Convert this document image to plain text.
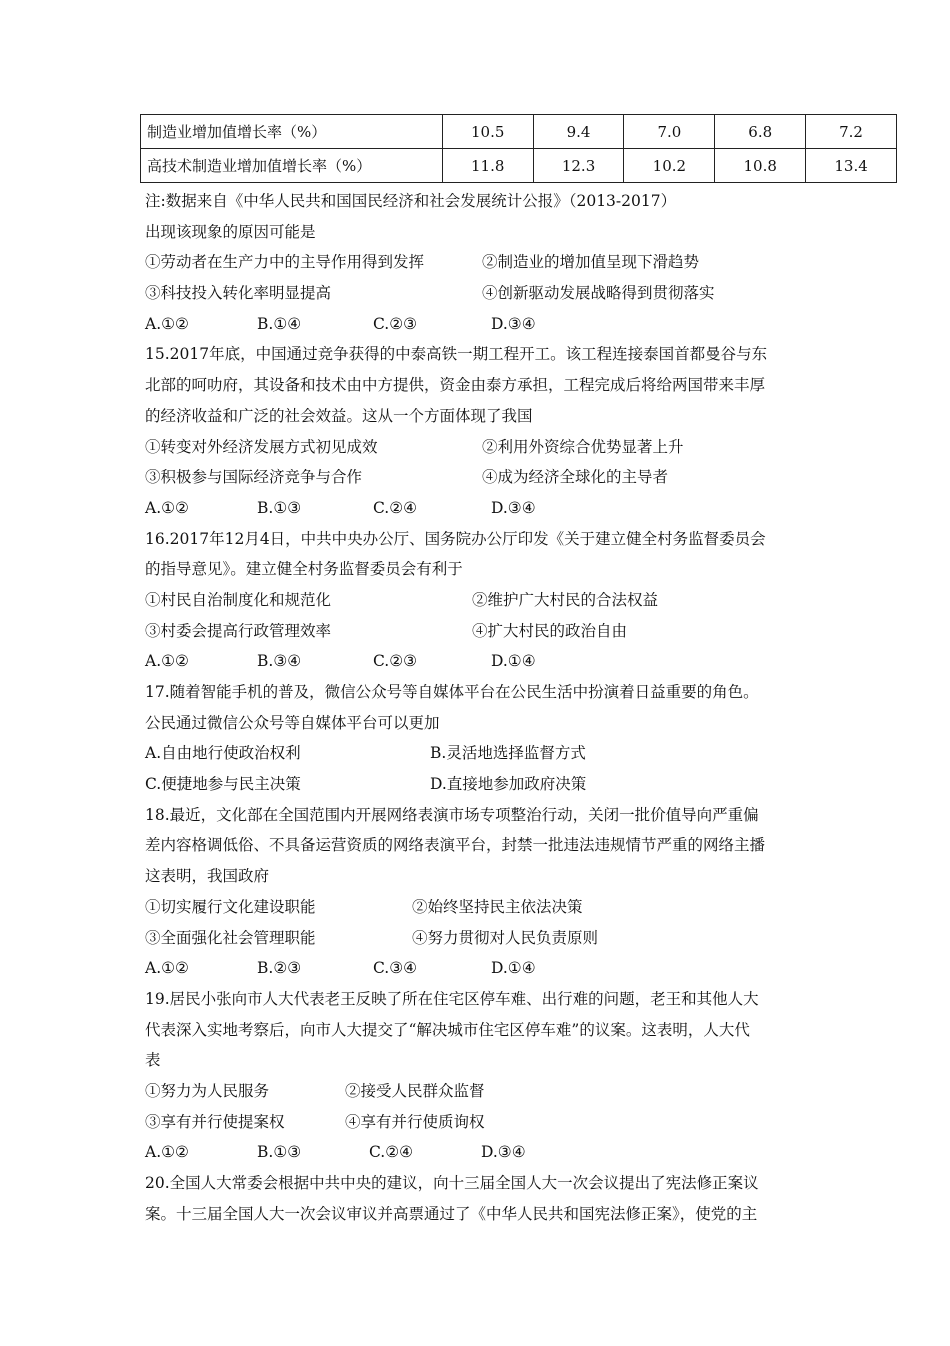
制造业增加值增长率（%）	10.5	9.4	7.0	6.8	7.2
高技术制造业增加值增长率（%）	11.8	12.3	10.2	10.8	13.4
注:数据来自《中华人民共和国国民经济和社会发展统计公报》（2013-2017）
出现该现象的原因可能是
①劳动者在生产力中的主导作用得到发挥	②制造业的增加值呈现下滑趋势
③科技投入转化率明显提高	④创新驱动发展战略得到贯彻落实
A.①②	B.①④	C.②③	D.③④
15.2017年底，中国通过竞争获得的中泰高铁一期工程开工。该工程连接泰国首都曼谷与东
北部的呵叻府，其设备和技术由中方提供，资金由泰方承担，工程完成后将给两国带来丰厚
的经济收益和广泛的社会效益。这从一个方面体现了我国
①转变对外经济发展方式初见成效	②利用外资综合优势显著上升
③积极参与国际经济竞争与合作	④成为经济全球化的主导者
A.①②	B.①③	C.②④	D.③④
16.2017年12月4日，中共中央办公厅、国务院办公厅印发《关于建立健全村务监督委员会
的指导意见》。建立健全村务监督委员会有利于
①村民自治制度化和规范化	②维护广大村民的合法权益
③村委会提高行政管理效率	④扩大村民的政治自由
A.①②	B.③④	C.②③	D.①④
17.随着智能手机的普及，微信公众号等自媒体平台在公民生活中扮演着日益重要的角色。
公民通过微信公众号等自媒体平台可以更加
A.自由地行使政治权利	B.灵活地选择监督方式
C.便捷地参与民主决策	D.直接地参加政府决策
18.最近，文化部在全国范围内开展网络表演市场专项整治行动，关闭一批价值导向严重偏
差内容格调低俗、不具备运营资质的网络表演平台，封禁一批违法违规情节严重的网络主播
这表明，我国政府
①切实履行文化建设职能	②始终坚持民主依法决策
③全面强化社会管理职能	④努力贯彻对人民负责原则
A.①②	B.②③	C.③④	D.①④
19.居民小张向市人大代表老王反映了所在住宅区停车难、出行难的问题，老王和其他人大
代表深入实地考察后，向市人大提交了“解决城市住宅区停车难”的议案。这表明，人大代
表
①努力为人民服务	②接受人民群众监督
③享有并行使提案权	④享有并行使质询权
A.①②	B.①③	C.②④	D.③④
20.全国人大常委会根据中共中央的建议，向十三届全国人大一次会议提出了宪法修正案议
案。十三届全国人大一次会议审议并高票通过了《中华人民共和国宪法修正案》，使党的主
